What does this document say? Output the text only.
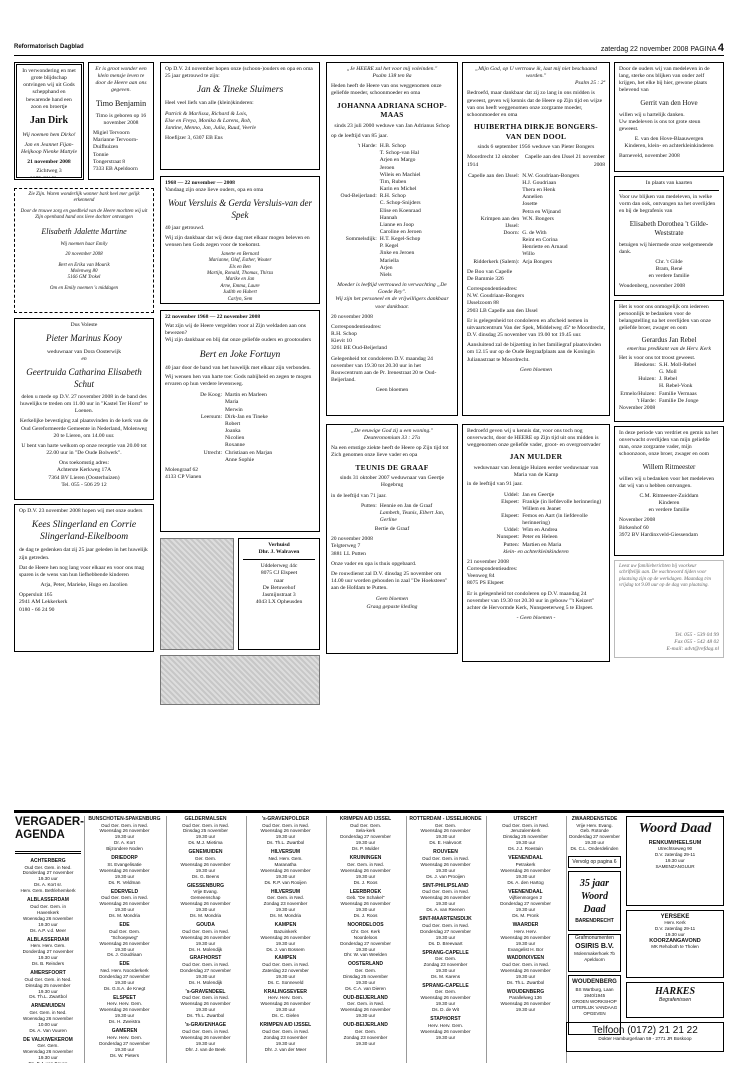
Reformatorisch Dagblad	zaterdag 22 november 2008 PAGINA 4
In verwondering en met grote blijdschap ontvingen wij uit Gods schepphand en bewarende hand een zoon en broertje
Jan Dirk
Wij noemen hem Dirko!
Jan en Jeannet Fijan-Heijkoop Nienke Mattyle
21 november 2008
Zichtweg 3
8075 CN Elspeet

Zie Zijn. Waren wonderlijk wonner bark heel mer gelijk erkennend
Door de trouwe zorg en goedheid van de Heere mochten wij uit Zijn openhand hand ons lieve dochter ontvangen
Elisabeth Jdalette Martine
Wij noemen haar Emily
20 november 2008
Bert en Erika van Mourik
Molenweg 80
5166 GM Trokel
Om en Emily noemen 's middagen
Er is groot wonder een klein mensje leven te door de Heere aan ons gegeven.
Timo Benjamin
Timo is geboren op 16 november 2008
Migiel Tervoorn
Marianne Tervoorn-Duifhuizen
Tonnie
Tongerstraat 8
7333 EB Apeldoorn
Dus Voleste
Pieter Marinus Kooy
weduwnaar van Dora Oosterwijk
en
Geertruida Catharina Elisabeth Schut
delen u mede op D.V. 27 november 2008 in de band des huwelijks te treden om 11.00 uur in "Kastel Ter Horst" te Loenen.
Kerkelijke bevestiging zal plaatsvinden in de kerk van de Oud Gereformeerde Gemeente in Nederland, Molenweg 20 te Lieren, om 14.00 uur.
U bent van harte welkom op onze receptie van 20.00 tot 22.00 uur in "De Oude Bolwerk".
Ons toekomstig adres:
Achterste Kerkweg 17A
7364 BV Lieren (Oosterhuizen)
Tel. 055 - 506 29 12
Op D.V. 23 november 2008 hopen wij met onze ouders
Kees Slingerland en Corrie Slingerland-Eikelboom
de dag te gedenken dat zij 25 jaar geleden in het huwelijk zijn getreden.
Dat de Heere hen nog lang voor elkaar en voor ons mag sparen is de wens van hun liefhebbende kinderen
Arja, Peter, Marieke, Hugo en Jacolien
Oppersluit 165
2941 AM Lekkerkerk
0180 - 66 24 90
Op D.V. 24 november hopen onze (schoon-)ouders en opa en oma 25 jaar getrouwd te zijn:
Jan & Tineke Sluimers
Heel veel liefs van alle (klein)kinderen:
Patrick & Marlissa, Richard & Lois,
Else en Freya, Monika & Larens, Rob,
Jantine, Menno, Jan, Julia, Ruud, Veerle
Hoefijzer 3, 6307 EB Ens
1968 — 22 november — 2008
Vandaag zijn onze lieve ouders, opa en oma
Wout Versluis & Gerda Versluis-van der Spek
40 jaar getrouwd.
Wij zijn dankbaar dat wij deze dag met elkaar mogen beleven en wensen hen Gods zegen voor de toekomst.
Janette en Bernard
Marianne, Olaf, Esther, Wouter
Els en Ben
Martijn, Ronald, Thomas, Thirza
Marike en Jan
Arne, Emma, Laure
Judith en Hubert
Carlyn, Sem

22 november 1968 — 22 november 2008
Wat zijn wij de Heere vergelden voor al Zijn weldaden aan ons bewezen?
Wij zijn dankbaar en blij dat onze geliefde ouders en grootouders
Bert en Joke Fortuyn
40 jaar door de band van het huwelijk met elkaar zijn verbonden.
Wij wensen hen van harte toe: Gods nabijheid en zegen te mogen ervaren op hun verdere levensweg.
De Koog: Martin en Marleen
Maria
Merwin
Leersum: Dirk-Jan en Tineke
Robert
Joanka
Nicolien
Roxanne
Utrecht: Christiaan en Marjan
Anne Sophie
Molengraaf 62
4133 CP Vianen
Verhuisd
Dhr. J. Walraven
Uddelerweg 44c
8075 CJ Elspeet
naar
De Betuwehof
Jasmijnstraat 3
4043 LX Opheusden
„Je HEERE zal het voor mij voleinden."
Psalm 138 ten 8a
Heden heeft de Heere van ons weggenomen onze geliefde moeder, schoonmoeder en oma
JOHANNA ADRIANA SCHOP-MAAS
sinds 23 juli 2000 weduwe van Jan Adrianus Schop
op de leeftijd van 85 jaar.
't Harde: H.B. Schop
T. Schop-van Hal
Arjen en Margo
Jeroen
Wileis en Machiel
Tim, Ruben
Karin en Michel
Oud-Beijerland: R.H. Schop
C. Schop-Snijders
Elise en Koenraad
Hannah
Lianne en Joop
Caroline en Jeroen
Sommelsdijk: H.T. Kegel-Schop
P. Kegel
Jinke en Jeroen
Mariella
Arjen
Niels
Moeder is leeftijd vertrouwd in verwachting „De Goede Rey".
Wij zijn het personeel en de vrijwilligers dankbaar voor dankbaar.
20 november 2008
Correspondentieadres:
R.H. Schop
Kievit 10
3261 BE Oud-Beijerland
Gelegenheid tot condoleren D.V. maandag 24 november van 19.30 tot 20.30 uur in het Rouwcentrum aan de Pr. Irenestraat 20 te Oud-Beijerland.
Geen bloemen
„De eeuwige God zij u een woning."
Deuteronomium 33 : 27a
Na een ernstige ziekte heeft de Heere op Zijn tijd tot Zich genomen onze lieve vader en opa
TEUNIS DE GRAAF
sinds 31 oktober 2007 weduwnaar van Geertje Hogebrug
in de leeftijd van 71 jaar.
Putten: Hennie en Jan de Graaf
Lambeth, Teunis, Elbert Jan, Gerline
Bertie de Graaf
20 november 2008
Telgterweg 7
3881 LL Putten
Onze vader en opa is thuis opgebaard.
De rouwdienst zal D.V. dinsdag 25 november om 14.00 uur worden gehouden in zaal "De Hoeksteen" aan de Hofdam te Putten.
Geen bloemen
Graag gepaste kleding
„Mijn God, op U vertrouw ik, laat mij niet beschaamd worden."
Psalm 25 : 2ª
Bedroefd, maar dankbaar dat zij zo lang in ons midden is geweest, geven wij kennis dat de Heere op Zijn tijd en wijze van ons heeft weggenomen onze zorgzame moeder, schoonmoeder en oma
HUIBERTHA DIRKJE BONGERS-VAN DEN DOOL
sinds 6 september 1956 weduwe van Pieter Bongers
Moordrecht 12 oktober 1914
Capelle aan den IJssel 21 november 2008
Capelle aan den IJssel: N.W. Goudriaan-Bongers
H.J. Goudriaan
Thera en Henk
Annelien
Josette
Petra en Wijnand
Krimpen aan den IJssel:
W.N. Bongers
Doorn: G. de With
Reint en Corina
Henriette en Arnaud
Willo
Ridderkerk (Salem): Arja Bongers
De Boo van Capelle
De Bammie 326
Correspondentieadres:
N.W. Goudriaan-Bongers
IJsselzoom 88
2903 LB Capelle aan den IJssel
Er is gelegenheid tot condoleren en afscheid nemen in uitvaartcentrum Van der Spek, Middelweg 45ª te Moordrecht, D.V. dinsdag 25 november van 19.00 tot 19.45 uur.
Aansluitend zal de bijzetting in het familiegraf plaatsvinden om 12.15 uur op de Oude Begraafplaats aan de Koningin Julianastraat te Moordrecht.
Geen bloemen
Bedroefd geven wij u kennis dat, voor ons toch nog onverwacht, door de HEERE op Zijn tijd uit ons midden is weggenomen onze geliefde vader, groot- en overgrootvader
JAN MULDER
weduwnaar van Jennigje Huizen eerder weduwnaar van Maria van de Kamp
in de leeftijd van 91 jaar.
Uddel: Jan en Geertje
Elspeet: Frankje (in liefdevolle herinnering)
Willem en Jeanet
Elspeet: Femos en Aart (in liefdevolle herinnering)
Uddel: Wim en Andrea
Nunspeet: Peter en Heleen
Putten: Martien en Maria
klein- en achterkleinkinderen
21 november 2008
Correspondentieadres:
Veenweg 84
8075 PS Elspeet
Er is gelegenheid tot condoleren op D.V. maandag 24 november van 19.30 tot 20.30 uur in gebouw "'t Keizert" achter de Hervormde Kerk, Nunspeeterweg 5 te Elspeet.
- Geen bloemen -
Door de ouders wij van medeleven in de lang, sterke ons blijken van onder zelf krijgen, het elke bij hier, gewone plaats belevend van
Gerrit van den Hove
willen wij u hartelijk danken.
Uw medeleven is ons tot grote steun geweest.
E. van den Hove-Blaauwergen
Kinderen, klein- en achterkleinkinderen
Barneveld, november 2008
In plaats van kaarten
Voor uw blijken van medeleven, in welke vorm dan ook, ontvangen na het overlijden en bij de begrafenis van
Elisabeth Dorothea 't Gilde-Weststrate
betuigen wij hiermede onze welgemeende dank.
Chr. 't Gilde
Bram, René
en verdere familie
Woudenberg, november 2008
Het is voor ons onmogelijk om iedereen persoonlijk te bedanken voor de belangstelling na het overlijden van onze geliefde broer, zwager en oom
Gerardus Jan Rebel
emeritus predikant van de Herv. Kerk
Het is voor ons tot troost geweest.
Bleskens: S.H. Moll-Rebel
G. Moll
Huizen: J. Rebel
H. Rebel-Vonk
Ermelo/Huizen: Familie Vermaas
't Harde: Familie De Jonge
November 2008
In deze periode van verdriet en gemis na het onverwacht overlijden van mijn geliefde man, onze zorgzame vader, mijn schoonzoon, onze broer, zwager en oom
Willem Ritmeester
willen wij u bedanken voor het medeleven dat wij van u hebben ontvangen.
C.M. Ritmeester-Zuiddam
Kinderen
en verdere familie
November 2008
Birkenhof 60
3972 BV Hardinxveld-Giessendam
Leest uw familieberichten bij voorkeur schriftelijk aan. De wachtwoord tijden voor plaatsing zijn op de werkdagen. Maandag t/m vrijdag tot 9.00 uur op de dag van plaatsing.
Tel. 055 - 539 04 99
Fax 055 - 542 48 02
E-mail: advt@refdag.nl
VERGADER-AGENDA
ACHTERBERG
Oud Ger. Gem. in Ned.
Donderdag 27 november
19.30 uur
Ds. A. Kort sr.
Herv. Gem. Bethlehemkerk
ALBLASSERDAM
Oud Ger. Gem. in
Havenkerk
Woensdag 26 november
19.30 uur
Ds. A.P. v.d. Meer
ALBLASSERDAM
Herv. Herv. Gem.
Donderdag 27 november
19.30 uur
Ds. B. Reinders
AMERSFOORT
Oud Ger. Gem. in Ned.
Dinsdag 25 november
19.30 uur
Ds. Th.L. Zwartbol
ARNEMUIDEN
Ger. Gem. in Ned.
Woensdag 26 november
10.00 uur
Ds. A. Van Vuuren
DE VALK/WEKEROM
Ger. Gem.
Woensdag 26 november
19.30 uur

BUNSCHOTEN-SPAKENBURG
Oud Ger. Gem. in Ned.
Woensdag 26 november
19.30 uur
Dr. A. Kort
Bijzondere Noden
DRIEDORP
St. Evangelisatie
Woensdag 26 november
19.30 uur
Ds. R. Veldman
EDERVELD
Oud Ger. Gem. in Ned.
Woensdag 26 november
19.30 uur
Ds. M. Mondria
EDE
Oud Ger. Gem.
"Schoepweg"
Woensdag 26 november
19.30 uur
Ds. J. Goudriaan
EDE
Ned. Herv. Noorderkerk
Donderdag 27 november
19.30 uur
Ds. G.S.A. de Knegt
ELSPEET
Herv. Herv. Gem.
Woensdag 26 november
19.30 uur
Ds. H. Zweistra
GAMEREN
Herv. Herv. Gem.
Donderdag 27 november
19.30 uur
Ds. W. Pieters
GELDERMALSEN
Oud Ger. Gem. in Ned.
Dinsdag 25 november
19.30 uur
Ds. M.J. Mietima
GENEMUIDEN
Ger. Gem.
Woensdag 26 november
19.30 uur
Ds. G. Beens
GIESSENBURG
Vrije Evang.
Gemeenschap
Woensdag 26 november
19.30 uur
Ds. M. Mondria
GOUDA
Oud Ger. Gem. in Ned.
Woensdag 26 november
19.30 uur
Ds. H. Molendijk
GRAFHORST
Oud Ger. Gem. in Ned.
Donderdag 27 november
19.30 uur
Ds. H. Molendijk
's-GRAVENDEEL
Oud Ger. Gem. in Ned.
Woensdag 26 november
19.30 uur
Ds. Th.L. Zwartbol
's-GRAVENHAGE
Oud Ger. Gem. in Ned.
Woensdag 26 november
19.30 uur
Dhr. J. van de Beek
's-GRAVENPOLDER
Oud Ger. Gem. in Ned.
Woensdag 26 november
19.30 uur
Ds. Th.L. Zwartbol
HILVERSUM
Ned. Herv. Gem.
Maranatha
Woensdag 26 november
19.30 uur
Ds. R.P. van Rooijen
HILVERSUM
Ger. Gem. in Ned.
Zondag 23 november
19.30 uur
Ds. M. Mondria
KAMPEN
Bazuinkerk
Woensdag 26 november
19.30 uur
Ds. J. van Bossem
KAMPEN
Oud Ger. Gem. in Ned.
Zaterdag 22 november
19.30 uur
Ds. C. Sonneveld
KRALINGSEVEER
Herv. Herv. Gem.
Woensdag 26 november
19.30 uur
Ds. C. Gielen
KRIMPEN A/D IJSSEL
Oud Ger. Gem. in Ned.
Zondag 23 november
19.30 uur
Dhr. J. van der Meer
KRIMPEN A/D IJSSEL
Oud Ger. Gem.
Sela-kerk
Donderdag 27 november
19.30 uur
Ds. P. Mulder
KRUININGEN
Ger. Gem. in Ned.
Woensdag 26 november
19.30 uur
Ds. J. Roos
LEERBROEK
Geb. "De Schakel"
Woensdag 26 november
19.30 uur
Ds. J. Roos
NOORDELOOS
Chr. Ger. Kerk
Noordeloos
Donderdag 27 november
19.30 uur
Dhr. W. van Weelden
OOSTERLAND
Ger. Gem.
Dinsdag 25 november
19.30 uur
Ds. C.A. van Dieren
OUD-BEIJERLAND
Ger. Gem. in Ned.
Woensdag 26 november
19.30 uur
OUD-BEIJERLAND
Ger. Gem.
Zondag 23 november
19.30 uur
ROTTERDAM - IJSSELMONDE
Ger. Gem.
Woensdag 26 november
19.30 uur
Ds. E. Hakvoort
ROUVEEN
Oud Ger. Gem. in Ned.
Woensdag 26 november
19.30 uur
Ds. J. van Prooijen
SINT-PHILIPSLAND
Oud Ger. Gem. in Ned.
Woensdag 26 november
19.30 uur
Ds. A. van Reenen
SINT-MAARTENSDIJK
Oud Ger. Gem. in Ned.
Donderdag 27 november
19.30 uur
Ds. D. Breevaart
SPRANG-CAPELLE
Ger. Gem.
Zondag 23 november
19.30 uur
Ds. M. Karens
SPRANG-CAPELLE
Ger. Gem.
Woensdag 26 november
19.30 uur
Ds. D. de Wit
STAPHORST
Herv. Herv. Gem.
Woensdag 26 november
19.30 uur
UTRECHT
Oud Ger. Gem. in Ned.
Jeruzalemkerk
Dinsdag 25 november
19.30 uur
Ds. J.J. Roestuin
VEENENDAAL
Petrakerk
Woensdag 26 november
19.30 uur
Ds. A. den Hartog
VEENENDAAL
Vijftienmorgen 2
Donderdag 27 november
19.30 uur
Ds. M. Pronk
WAARDER
Herv. Herv.
Woensdag 26 november
19.30 uur
Evangelist H. Bor
WADDINXVEEN
Oud Ger. Gem. in Ned.
Woensdag 26 november
19.30 uur
Ds. Th.L. Zwartbol
WOUDENBERG
Parallelweg 136
Woensdag 26 november
19.30 uur
ZWAARDENSTEDE
Vrije Herv. Evang.
Geb. Rotonde
Donderdag 27 november
19.30 uur
Ds. C.L. Onderdelinden
Vervolg op pagina 6
35 jaar Woord
Daad
BARENDRECHT
Grafmonumenten
OSIRIS B.V.
Molenmakerhoek 7b Apeldoorn
WOUDENBERG
BS Wartburg, Laan 1940/1945
GROEN WORKSHOP
UITERLIJK VANDAAG OPGEVEN
Woord Daad
RENKUM/HEELSUM
Utrechtseweg 90
D.V. zaterdag 29-11
19.30 uur
SAMENZANGUUR
YERSEKE
Herv. Kerk
D.V. zaterdag 29-11
19.30 uur
KOORZANGAVOND
MK Rehoboth te Tholen
HARKES
Begrafenissen
Telfoon (0172) 21 21 22
Dokter Hamburgerlaan 59 - 2771 JR Boskoop
